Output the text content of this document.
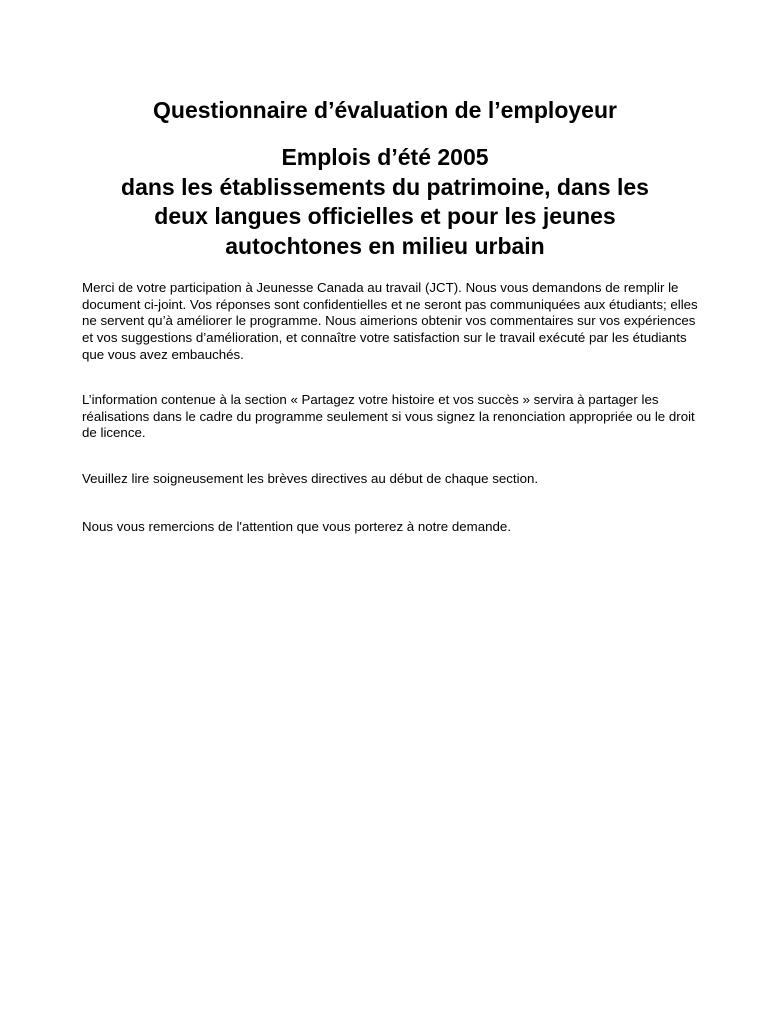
Questionnaire d’évaluation de l’employeur
Emplois d’été 2005
dans les établissements du patrimoine, dans les
deux langues officielles et pour les jeunes
autochtones en milieu urbain

Merci de votre participation à Jeunesse Canada au travail (JCT). Nous vous demandons de remplir le document ci-joint. Vos réponses sont confidentielles et ne seront pas communiquées aux étudiants; elles ne servent qu’à améliorer le programme. Nous aimerions obtenir vos commentaires sur vos expériences et vos suggestions d’amélioration, et connaître votre satisfaction sur le travail exécuté par les étudiants que vous avez embauchés.

L’information contenue à la section « Partagez votre histoire et vos succès » servira à partager les réalisations dans le cadre du programme seulement si vous signez la renonciation appropriée ou le droit de licence.

Veuillez lire soigneusement les brèves directives au début de chaque section.

Nous vous remercions de l'attention que vous porterez à notre demande.
